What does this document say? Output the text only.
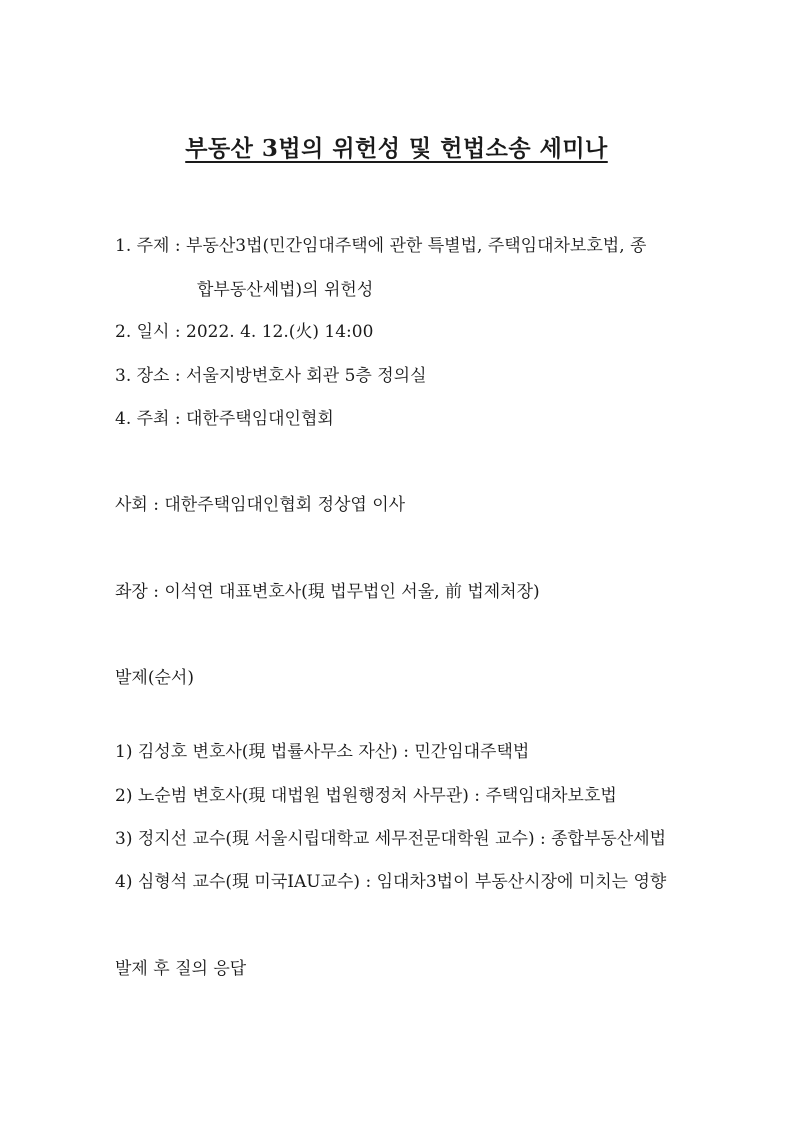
부동산 3법의 위헌성 및 헌법소송 세미나
1. 주제 : 부동산3법(민간임대주택에 관한 특별법, 주택임대차보호법, 종
합부동산세법)의 위헌성
2. 일시 : 2022. 4. 12.(火) 14:00
3. 장소 : 서울지방변호사 회관 5층 정의실
4. 주최 : 대한주택임대인협회
사회 : 대한주택임대인협회 정상엽 이사
좌장 : 이석연 대표변호사(現 법무법인 서울, 前 법제처장)
발제(순서)
1) 김성호 변호사(現 법률사무소 자산) : 민간임대주택법
2) 노순범 변호사(現 대법원 법원행정처 사무관) : 주택임대차보호법
3) 정지선 교수(現 서울시립대학교 세무전문대학원 교수) : 종합부동산세법
4) 심형석 교수(現 미국IAU교수) : 임대차3법이 부동산시장에 미치는 영향
발제 후 질의 응답
